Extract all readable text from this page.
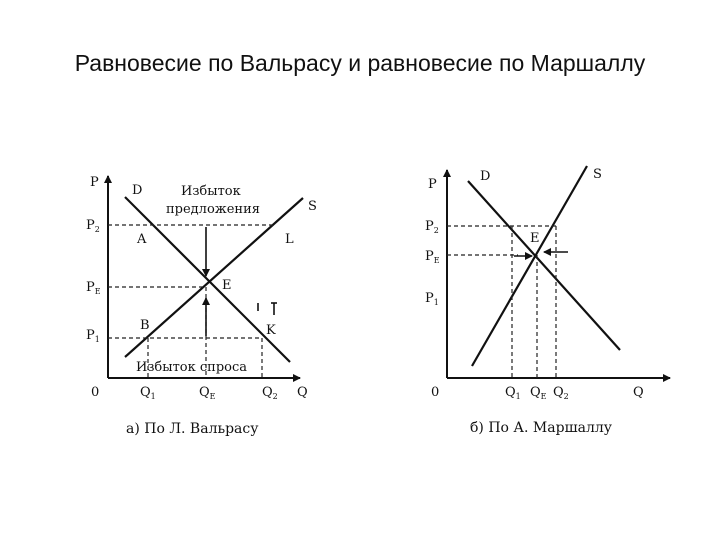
Равновесие по Вальрасу и равновесие по Маршаллу
P
D
S
Избыток
предложения
$P_2$
$P_E$
$P_1$
A	L
E
B	K
Избыток спроса
0	$Q_1$	$Q_E$	$Q_2$ Q
а) По Л. Вальрасу
P
D	S
$P_2$
$P_E$
$P_1$
E
0	$Q_1$ $Q_E$ $Q_2$	Q
б) По А. Маршаллу
